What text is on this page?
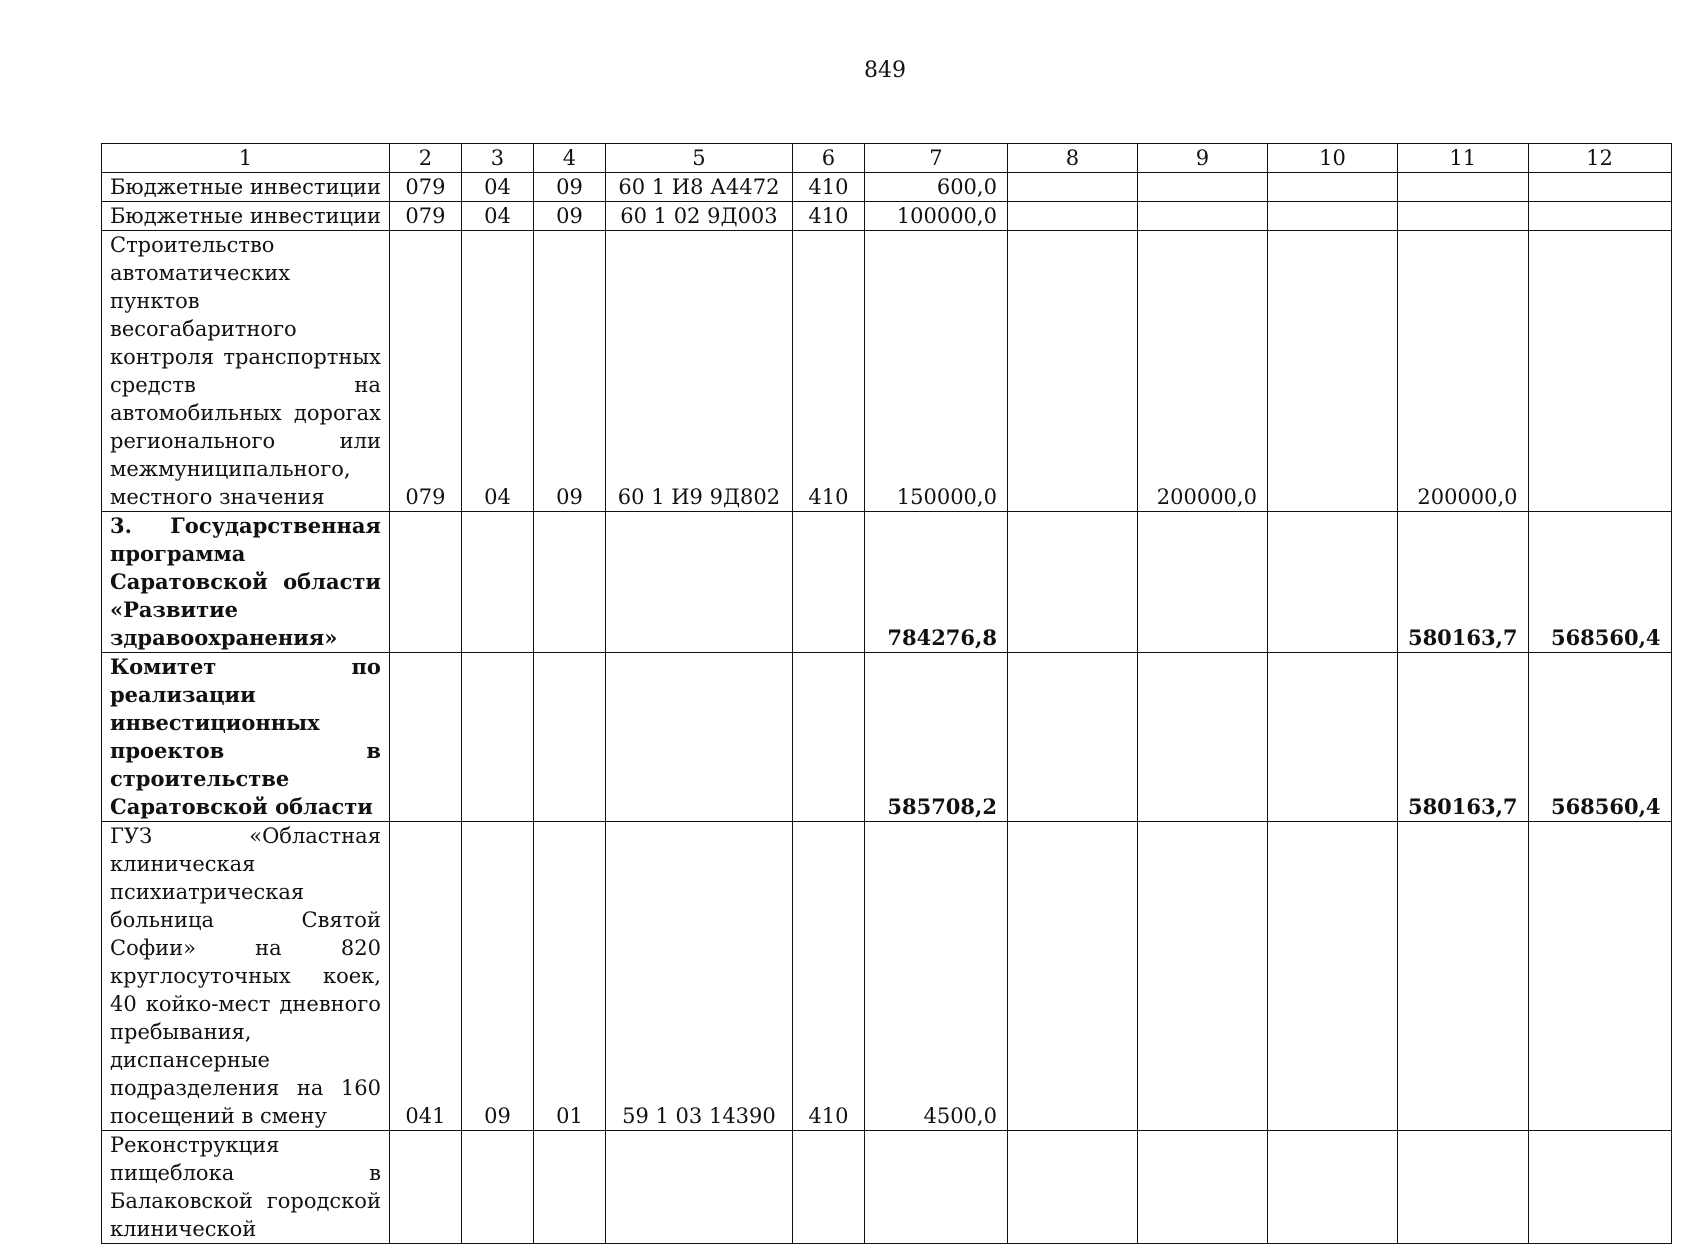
849
1	2	3	4	5	6	7	8	9	10	11	12
Бюджетные инвестиции	079	04	09	60 1 И8 А4472	410	600,0					
Бюджетные инвестиции	079	04	09	60 1 02 9Д003	410	100000,0					
Строительство автоматических пунктов весогабаритного контроля транспортных средств на автомобильных дорогах регионального или межмуниципального, местного значения	079	04	09	60 1 И9 9Д802	410	150000,0		200000,0		200000,0	
3. Государственная программа Саратовской области «Развитие здравоохранения»						784276,8				580163,7	568560,4
Комитет по реализации инвестиционных проектов в строительстве Саратовской области						585708,2				580163,7	568560,4
ГУЗ «Областная клиническая психиатрическая больница Святой Софии» на 820 круглосуточных коек, 40 койко-мест дневного пребывания, диспансерные подразделения на 160 посещений в смену	041	09	01	59 1 03 14390	410	4500,0					
Реконструкция пищеблока в Балаковской городской клинической											
